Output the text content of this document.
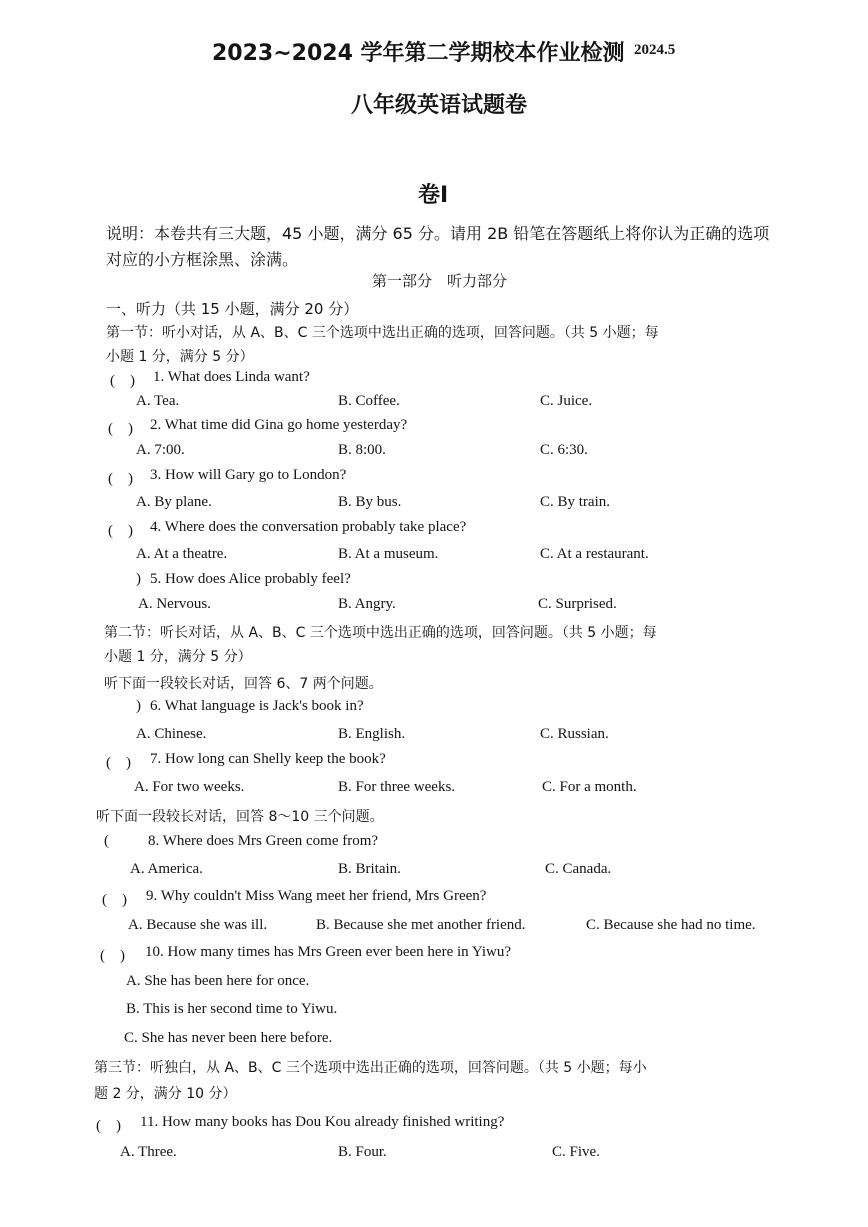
2023~2024 学年第二学期校本作业检测 2024.5
八年级英语试题卷
卷Ⅰ
说明：本卷共有三大题，45 小题，满分 65 分。请用 2B 铅笔在答题纸上将你认为正确的选项
对应的小方框涂黑、涂满。
第一部分　听力部分
一、听力（共 15 小题，满分 20 分）
第一节：听小对话，从 A、B、C 三个选项中选出正确的选项，回答问题。（共 5 小题；每
小题 1 分，满分 5 分）
(　) 1. What does Linda want?
A. Tea.	B. Coffee.	C. Juice.
(　) 2. What time did Gina go home yesterday?
A. 7:00.	B. 8:00.	C. 6:30.
(　) 3. How will Gary go to London?
A. By plane.	B. By bus.	C. By train.
(　) 4. Where does the conversation probably take place?
A. At a theatre.	B. At a museum.	C. At a restaurant.
) 5. How does Alice probably feel?
A. Nervous.	B. Angry.	C. Surprised.
第二节：听长对话，从 A、B、C 三个选项中选出正确的选项，回答问题。（共 5 小题；每
小题 1 分，满分 5 分）
听下面一段较长对话，回答 6、7 两个问题。
) 6. What language is Jack's book in?
A. Chinese.	B. English.	C. Russian.
(　) 7. How long can Shelly keep the book?
A. For two weeks.	B. For three weeks.	C. For a month.
听下面一段较长对话，回答 8～10 三个问题。
(	8. Where does Mrs Green come from?
A. America.	B. Britain.	C. Canada.
(　) 9. Why couldn't Miss Wang meet her friend, Mrs Green?
A. Because she was ill.	B. Because she met another friend.	C. Because she had no time.
(　) 10. How many times has Mrs Green ever been here in Yiwu?
A. She has been here for once.
B. This is her second time to Yiwu.
C. She has never been here before.
第三节：听独白，从 A、B、C 三个选项中选出正确的选项，回答问题。（共 5 小题；每小
题 2 分，满分 10 分）
(　) 11. How many books has Dou Kou already finished writing?
A. Three.	B. Four.	C. Five.
